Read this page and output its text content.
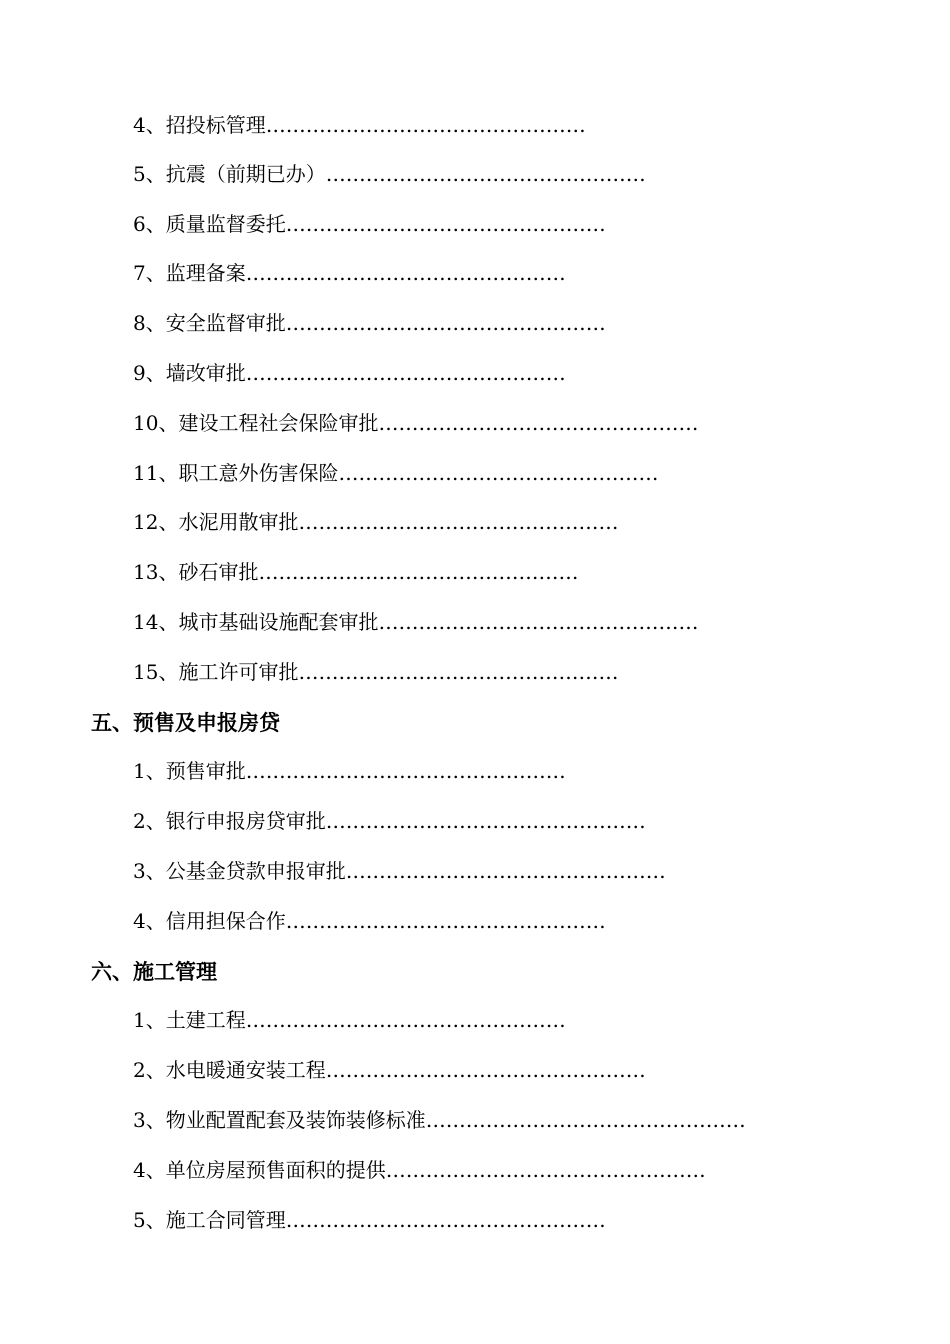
4、招投标管理…………………………………………
5、抗震（前期已办）…………………………………………
6、质量监督委托…………………………………………
7、监理备案…………………………………………
8、安全监督审批…………………………………………
9、墙改审批…………………………………………
10、建设工程社会保险审批…………………………………………
11、职工意外伤害保险…………………………………………
12、水泥用散审批…………………………………………
13、砂石审批…………………………………………
14、城市基础设施配套审批…………………………………………
15、施工许可审批…………………………………………
五、预售及申报房贷
1、预售审批…………………………………………
2、银行申报房贷审批…………………………………………
3、公基金贷款申报审批…………………………………………
4、信用担保合作…………………………………………
六、施工管理
1、土建工程…………………………………………
2、水电暖通安装工程…………………………………………
3、物业配置配套及装饰装修标准…………………………………………
4、单位房屋预售面积的提供…………………………………………
5、施工合同管理…………………………………………
